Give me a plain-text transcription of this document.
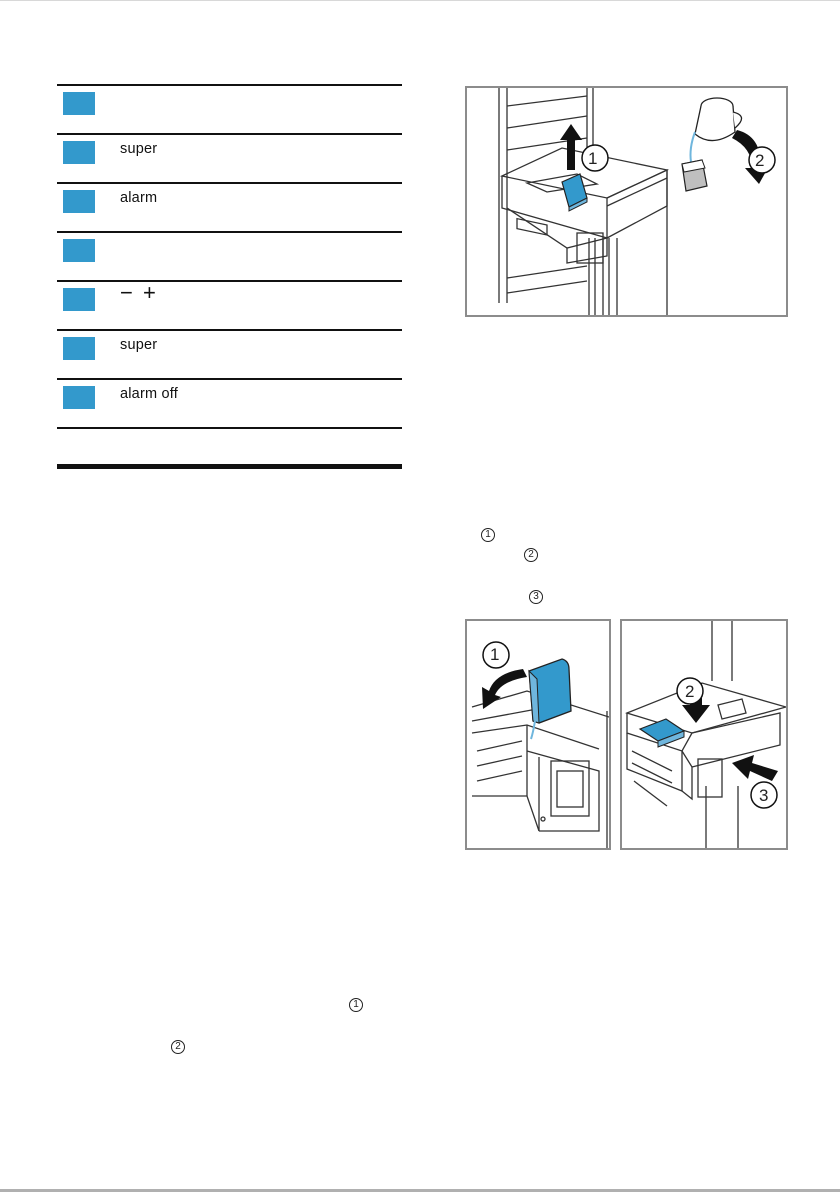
super
alarm
− +
super
alarm off
1	2
1
2
3
1
2
3
1
2
